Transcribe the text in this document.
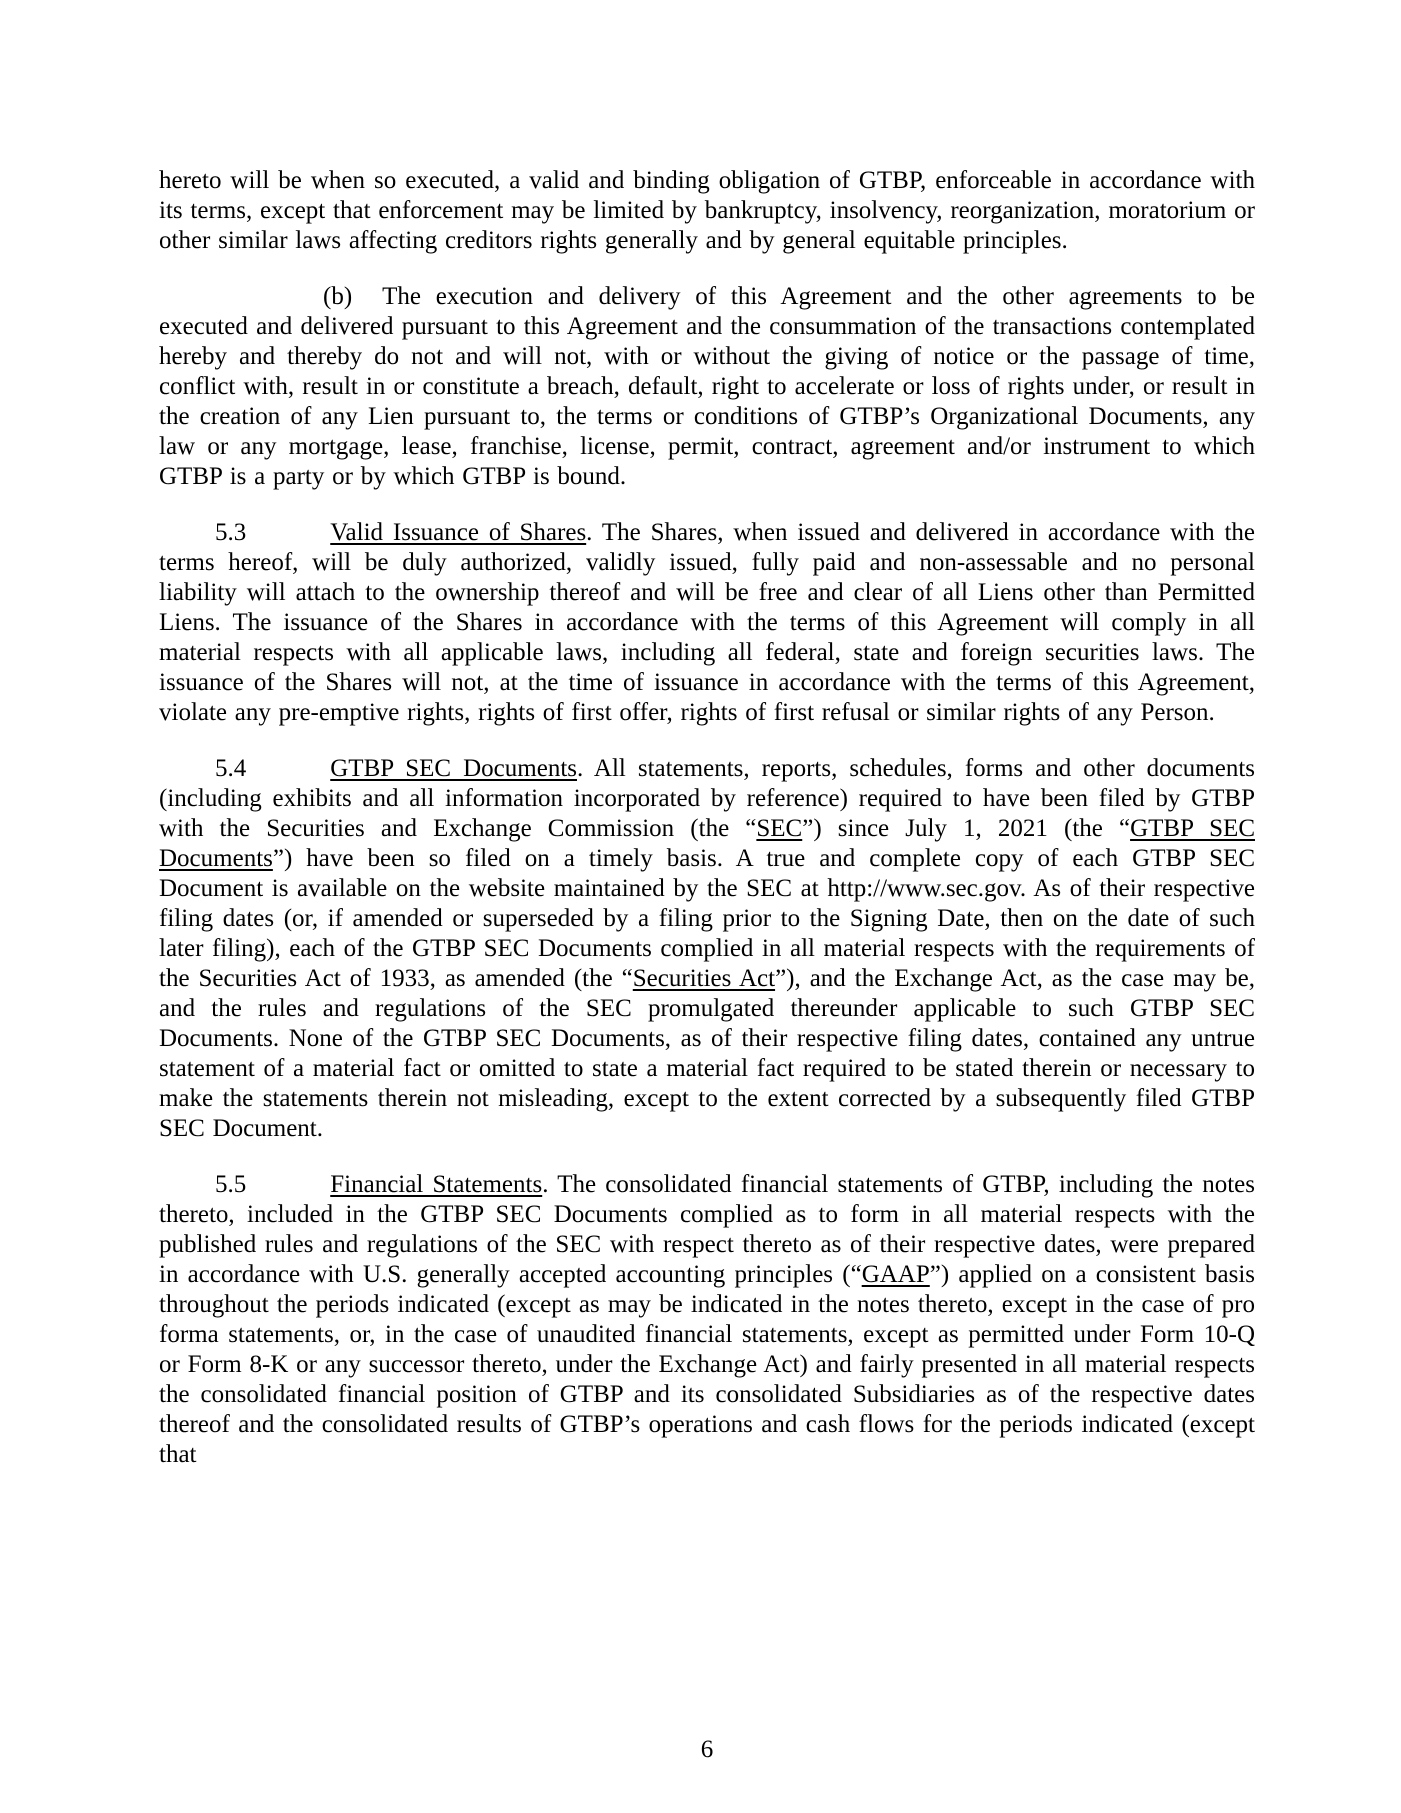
hereto will be when so executed, a valid and binding obligation of GTBP, enforceable in accordance with its terms, except that enforcement may be limited by bankruptcy, insolvency, reorganization, moratorium or other similar laws affecting creditors rights generally and by general equitable principles.

(b) The execution and delivery of this Agreement and the other agreements to be executed and delivered pursuant to this Agreement and the consummation of the transactions contemplated hereby and thereby do not and will not, with or without the giving of notice or the passage of time, conflict with, result in or constitute a breach, default, right to accelerate or loss of rights under, or result in the creation of any Lien pursuant to, the terms or conditions of GTBP’s Organizational Documents, any law or any mortgage, lease, franchise, license, permit, contract, agreement and/or instrument to which GTBP is a party or by which GTBP is bound.

5.3	Valid Issuance of Shares. The Shares, when issued and delivered in accordance with the terms hereof, will be duly authorized, validly issued, fully paid and non-assessable and no personal liability will attach to the ownership thereof and will be free and clear of all Liens other than Permitted Liens. The issuance of the Shares in accordance with the terms of this Agreement will comply in all material respects with all applicable laws, including all federal, state and foreign securities laws. The issuance of the Shares will not, at the time of issuance in accordance with the terms of this Agreement, violate any pre-emptive rights, rights of first offer, rights of first refusal or similar rights of any Person.

5.4	GTBP SEC Documents. All statements, reports, schedules, forms and other documents (including exhibits and all information incorporated by reference) required to have been filed by GTBP with the Securities and Exchange Commission (the “SEC”) since July 1, 2021 (the “GTBP SEC Documents”) have been so filed on a timely basis. A true and complete copy of each GTBP SEC Document is available on the website maintained by the SEC at http://www.sec.gov. As of their respective filing dates (or, if amended or superseded by a filing prior to the Signing Date, then on the date of such later filing), each of the GTBP SEC Documents complied in all material respects with the requirements of the Securities Act of 1933, as amended (the “Securities Act”), and the Exchange Act, as the case may be, and the rules and regulations of the SEC promulgated thereunder applicable to such GTBP SEC Documents. None of the GTBP SEC Documents, as of their respective filing dates, contained any untrue statement of a material fact or omitted to state a material fact required to be stated therein or necessary to make the statements therein not misleading, except to the extent corrected by a subsequently filed GTBP SEC Document.

5.5	Financial Statements. The consolidated financial statements of GTBP, including the notes thereto, included in the GTBP SEC Documents complied as to form in all material respects with the published rules and regulations of the SEC with respect thereto as of their respective dates, were prepared in accordance with U.S. generally accepted accounting principles (“GAAP”) applied on a consistent basis throughout the periods indicated (except as may be indicated in the notes thereto, except in the case of pro forma statements, or, in the case of unaudited financial statements, except as permitted under Form 10-Q or Form 8-K or any successor thereto, under the Exchange Act) and fairly presented in all material respects the consolidated financial position of GTBP and its consolidated Subsidiaries as of the respective dates thereof and the consolidated results of GTBP’s operations and cash flows for the periods indicated (except that

6
